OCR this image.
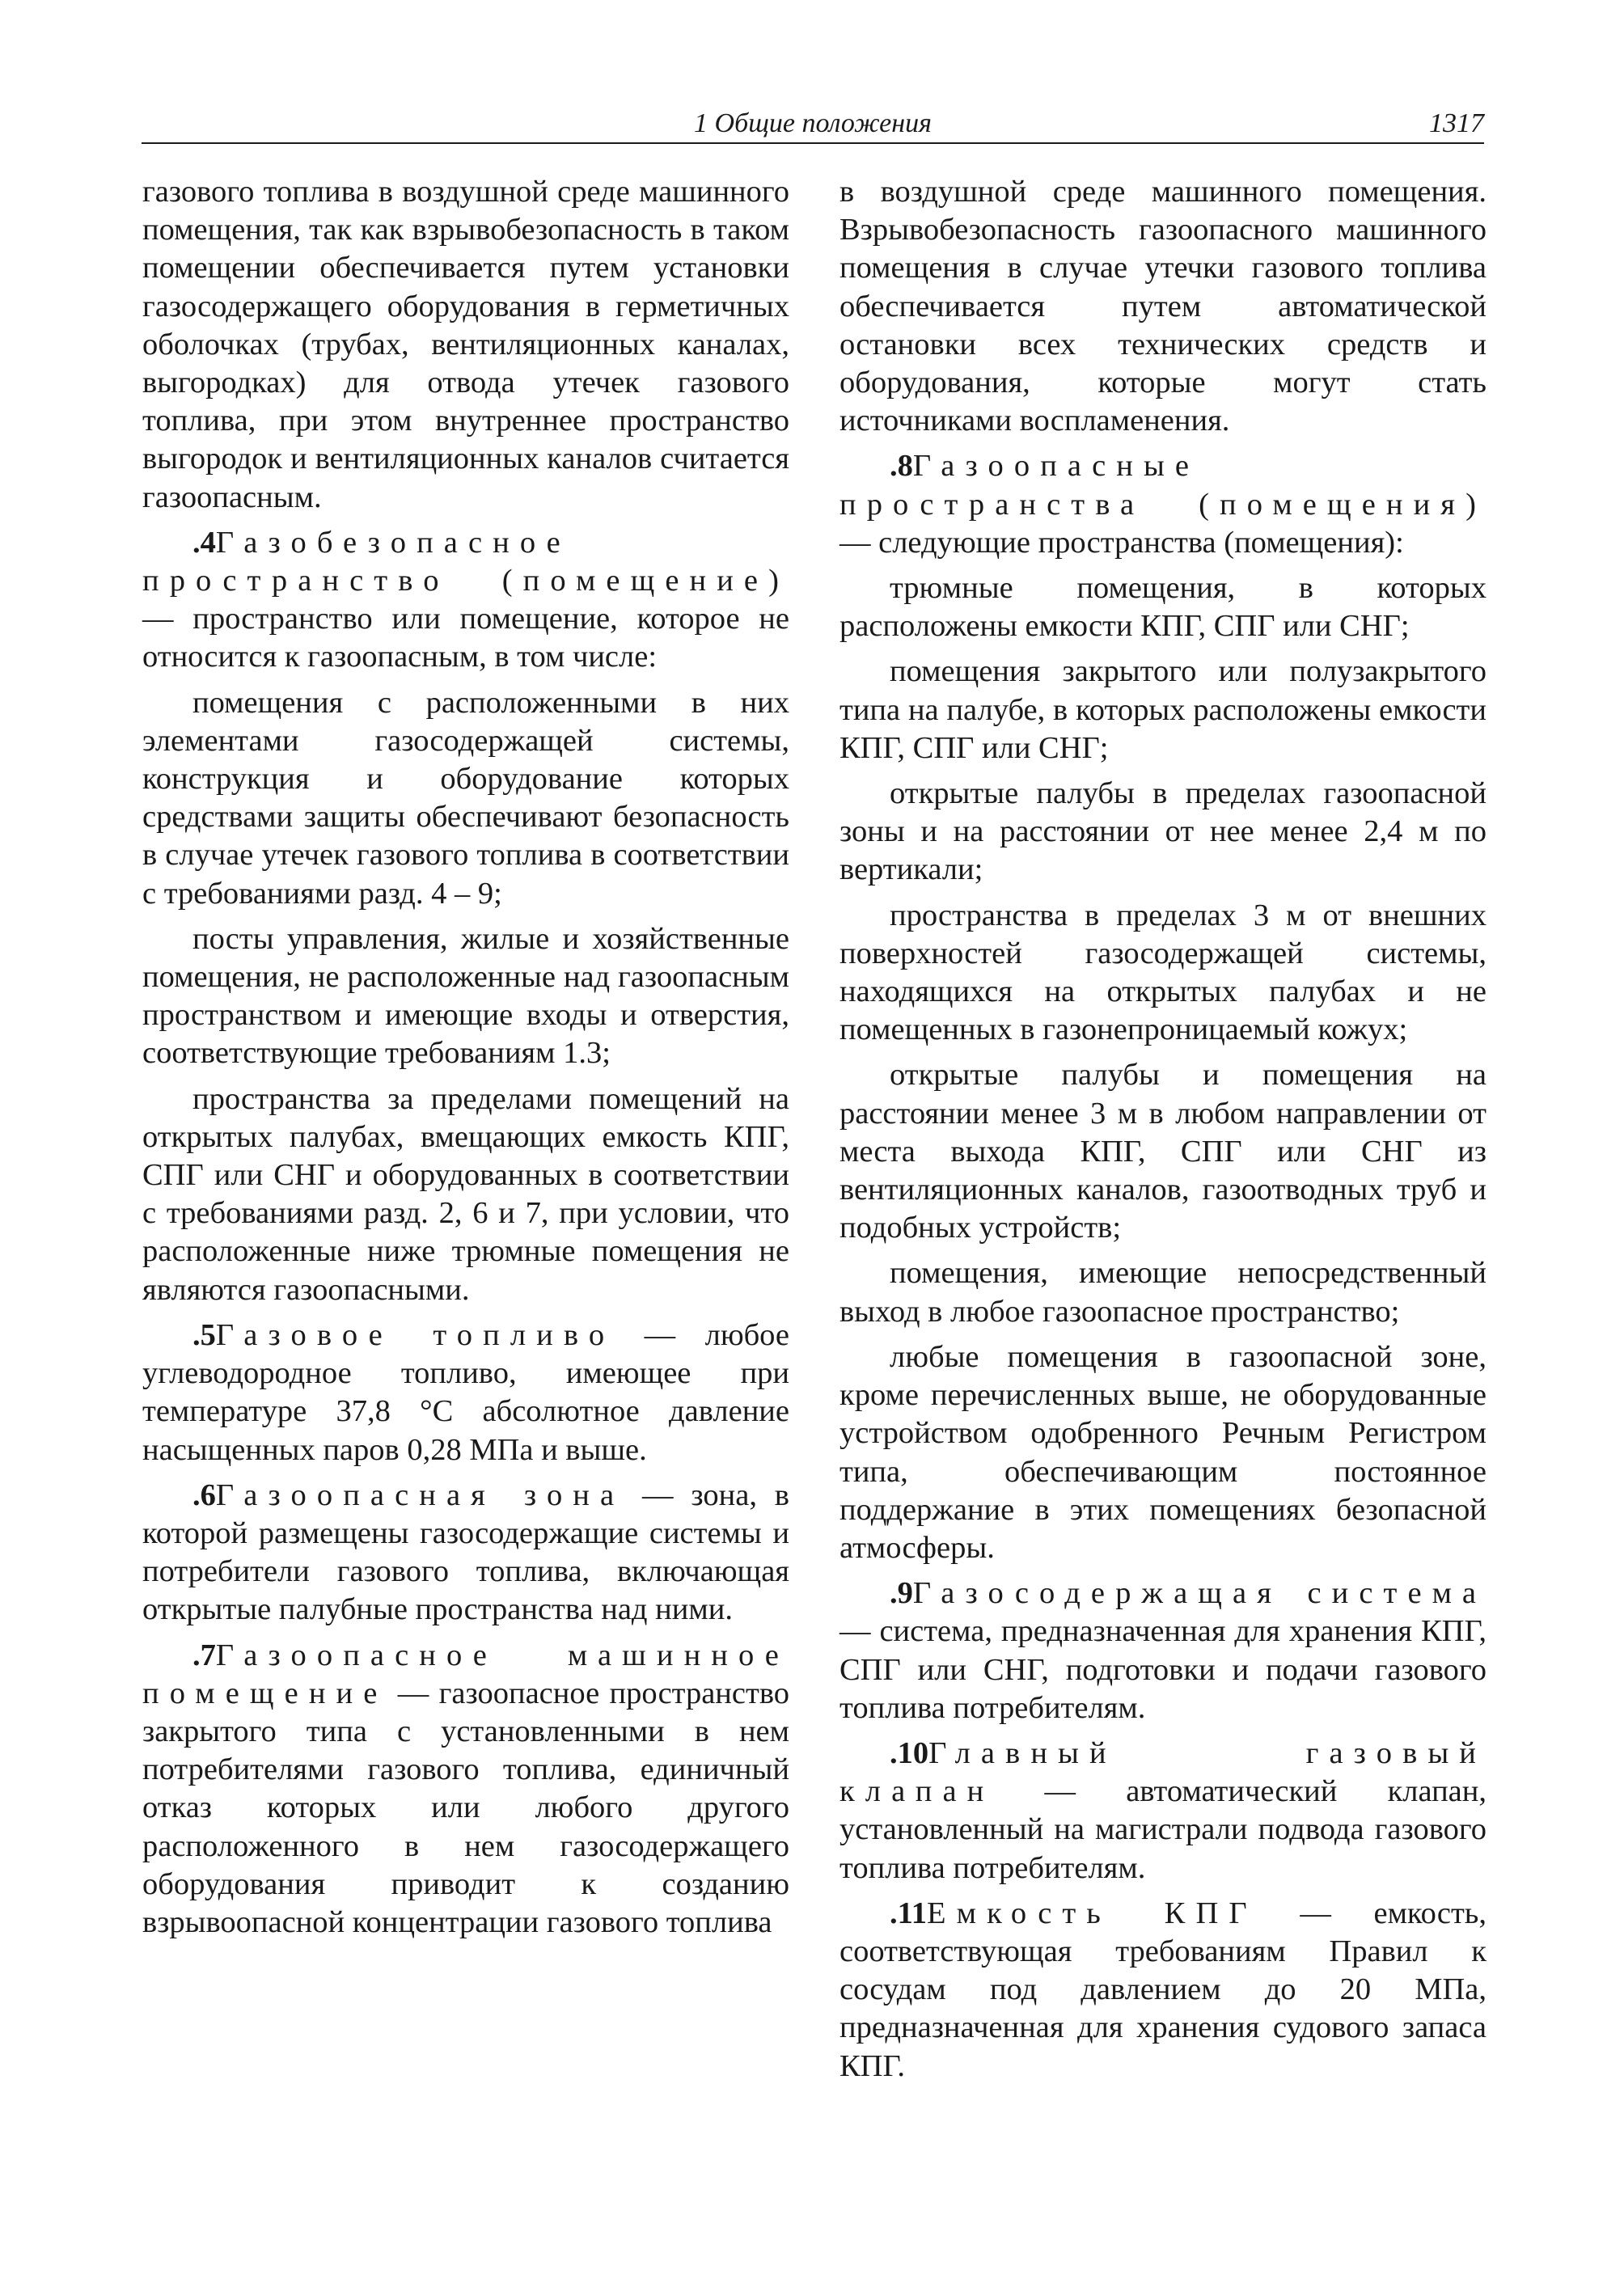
1 Общие положения	1317

газового топлива в воздушной среде машинного помещения, так как взрывобезопасность в таком помещении обеспечивается путем установки газосодержащего оборудования в герметичных оболочках (трубах, вентиляционных каналах, выгородках) для отвода утечек газового топлива, при этом внутреннее пространство выгородок и вентиляционных каналов считается газоопасным.

.4Газобезопасное пространство (помещение) — пространство или помещение, которое не относится к газоопасным, в том числе:

помещения с расположенными в них элементами газосодержащей системы, конструкция и оборудование которых средствами защиты обеспечивают безопасность в случае утечек газового топлива в соответствии с требованиями разд. 4 – 9;

посты управления, жилые и хозяйственные помещения, не расположенные над газоопасным пространством и имеющие входы и отверстия, соответствующие требованиям 1.3;

пространства за пределами помещений на открытых палубах, вмещающих емкость КПГ, СПГ или СНГ и оборудованных в соответствии с требованиями разд. 2, 6 и 7, при условии, что расположенные ниже трюмные помещения не являются газоопасными.

.5Газовое топливо — любое углеводородное топливо, имеющее при температуре 37,8 °С абсолютное давление насыщенных паров 0,28 МПа и выше.

.6Газоопасная зона — зона, в которой размещены газосодержащие системы и потребители газового топлива, включающая открытые палубные пространства над ними.

.7Газоопасное машинное помещение — газоопасное пространство закрытого типа с установленными в нем потребителями газового топлива, единичный отказ которых или любого другого расположенного в нем газосодержащего оборудования приводит к созданию взрывоопасной концентрации газового топлива

в воздушной среде машинного помещения. Взрывобезопасность газоопасного машинного помещения в случае утечки газового топлива обеспечивается путем автоматической остановки всех технических средств и оборудования, которые могут стать источниками воспламенения.

.8Газоопасные пространства (помещения) — следующие пространства (помещения):

трюмные помещения, в которых расположены емкости КПГ, СПГ или СНГ;

помещения закрытого или полузакрытого типа на палубе, в которых расположены емкости КПГ, СПГ или СНГ;

открытые палубы в пределах газоопасной зоны и на расстоянии от нее менее 2,4 м по вертикали;

пространства в пределах 3 м от внешних поверхностей газосодержащей системы, находящихся на открытых палубах и не помещенных в газонепроницаемый кожух;

открытые палубы и помещения на расстоянии менее 3 м в любом направлении от места выхода КПГ, СПГ или СНГ из вентиляционных каналов, газоотводных труб и подобных устройств;

помещения, имеющие непосредственный выход в любое газоопасное пространство;

любые помещения в газоопасной зоне, кроме перечисленных выше, не оборудованные устройством одобренного Речным Регистром типа, обеспечивающим постоянное поддержание в этих помещениях безопасной атмосферы.

.9Газосодержащая система — система, предназначенная для хранения КПГ, СПГ или СНГ, подготовки и подачи газового топлива потребителям.

.10Главный газовый клапан — автоматический клапан, установленный на магистрали подвода газового топлива потребителям.

.11Емкость КПГ — емкость, соответствующая требованиям Правил к сосудам под давлением до 20 МПа, предназначенная для хранения судового запаса КПГ.
